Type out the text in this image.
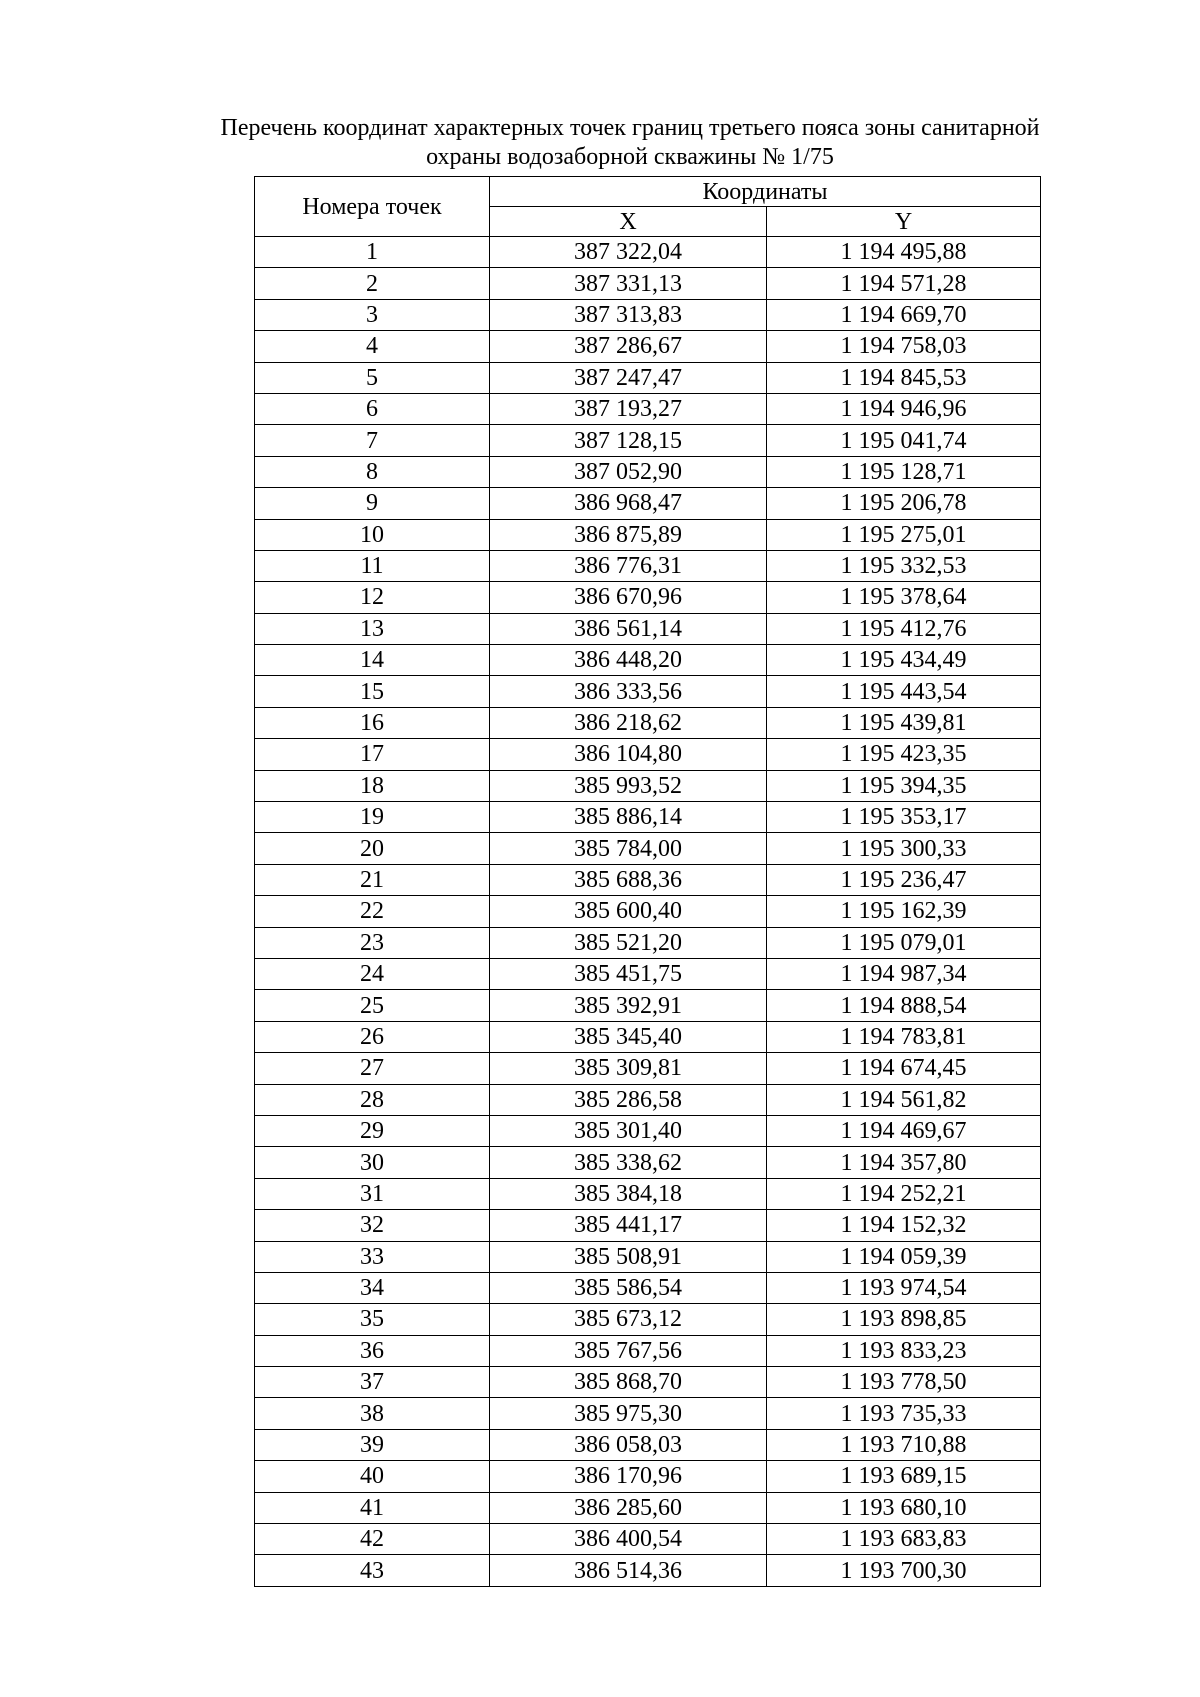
Перечень координат характерных точек границ третьего пояса зоны санитарной
охраны водозаборной скважины № 1/75
Номера точек	Координаты	
	X	Y
1	387 322,04	1 194 495,88
2	387 331,13	1 194 571,28
3	387 313,83	1 194 669,70
4	387 286,67	1 194 758,03
5	387 247,47	1 194 845,53
6	387 193,27	1 194 946,96
7	387 128,15	1 195 041,74
8	387 052,90	1 195 128,71
9	386 968,47	1 195 206,78
10	386 875,89	1 195 275,01
11	386 776,31	1 195 332,53
12	386 670,96	1 195 378,64
13	386 561,14	1 195 412,76
14	386 448,20	1 195 434,49
15	386 333,56	1 195 443,54
16	386 218,62	1 195 439,81
17	386 104,80	1 195 423,35
18	385 993,52	1 195 394,35
19	385 886,14	1 195 353,17
20	385 784,00	1 195 300,33
21	385 688,36	1 195 236,47
22	385 600,40	1 195 162,39
23	385 521,20	1 195 079,01
24	385 451,75	1 194 987,34
25	385 392,91	1 194 888,54
26	385 345,40	1 194 783,81
27	385 309,81	1 194 674,45
28	385 286,58	1 194 561,82
29	385 301,40	1 194 469,67
30	385 338,62	1 194 357,80
31	385 384,18	1 194 252,21
32	385 441,17	1 194 152,32
33	385 508,91	1 194 059,39
34	385 586,54	1 193 974,54
35	385 673,12	1 193 898,85
36	385 767,56	1 193 833,23
37	385 868,70	1 193 778,50
38	385 975,30	1 193 735,33
39	386 058,03	1 193 710,88
40	386 170,96	1 193 689,15
41	386 285,60	1 193 680,10
42	386 400,54	1 193 683,83
43	386 514,36	1 193 700,30
